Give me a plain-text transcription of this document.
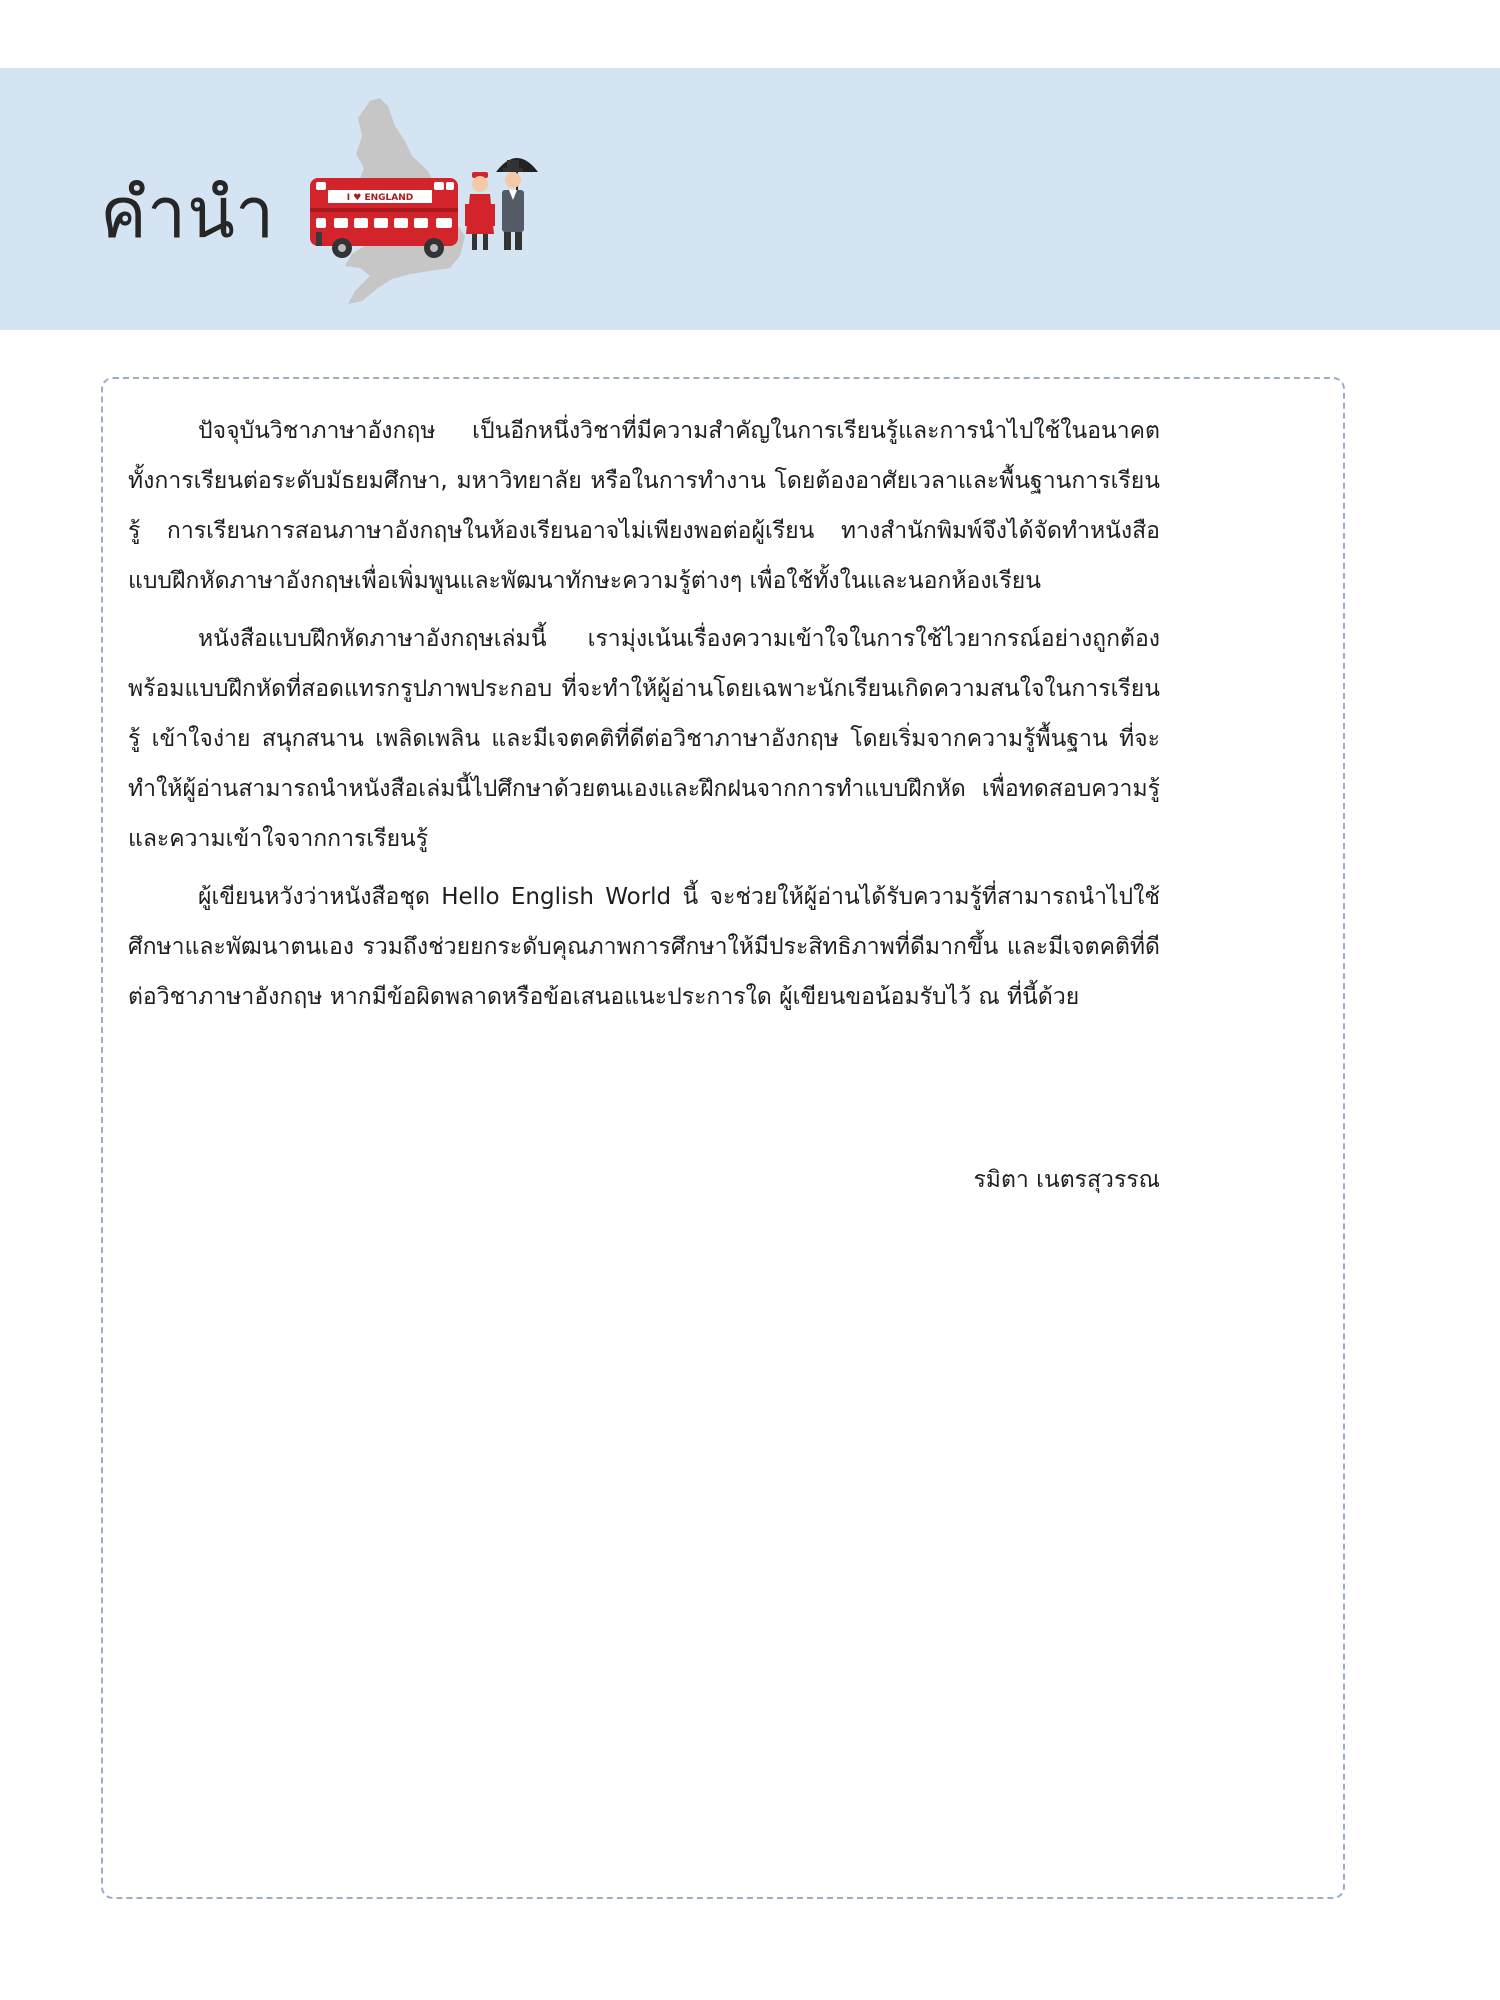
คำนำ	I ♥ ENGLAND

ปัจจุบันวิชาภาษาอังกฤษ เป็นอีกหนึ่งวิชาที่มีความสำคัญในการเรียนรู้และการนำไปใช้ในอนาคต ทั้งการเรียนต่อระดับมัธยมศึกษา, มหาวิทยาลัย หรือในการทำงาน โดยต้องอาศัยเวลาและพื้นฐานการเรียนรู้ การเรียนการสอนภาษาอังกฤษในห้องเรียนอาจไม่เพียงพอต่อผู้เรียน ทางสำนักพิมพ์จึงได้จัดทำหนังสือแบบฝึกหัดภาษาอังกฤษเพื่อเพิ่มพูนและพัฒนาทักษะความรู้ต่างๆ เพื่อใช้ทั้งในและนอกห้องเรียน

หนังสือแบบฝึกหัดภาษาอังกฤษเล่มนี้ เรามุ่งเน้นเรื่องความเข้าใจในการใช้ไวยากรณ์อย่างถูกต้อง พร้อมแบบฝึกหัดที่สอดแทรกรูปภาพประกอบ ที่จะทำให้ผู้อ่านโดยเฉพาะนักเรียนเกิดความสนใจในการเรียนรู้ เข้าใจง่าย สนุกสนาน เพลิดเพลิน และมีเจตคติที่ดีต่อวิชาภาษาอังกฤษ โดยเริ่มจากความรู้พื้นฐาน ที่จะทำให้ผู้อ่านสามารถนำหนังสือเล่มนี้ไปศึกษาด้วยตนเองและฝึกฝนจากการทำแบบฝึกหัด เพื่อทดสอบความรู้และความเข้าใจจากการเรียนรู้

ผู้เขียนหวังว่าหนังสือชุด Hello English World นี้ จะช่วยให้ผู้อ่านได้รับความรู้ที่สามารถนำไปใช้ศึกษาและพัฒนาตนเอง รวมถึงช่วยยกระดับคุณภาพการศึกษาให้มีประสิทธิภาพที่ดีมากขึ้น และมีเจตคติที่ดีต่อวิชาภาษาอังกฤษ หากมีข้อผิดพลาดหรือข้อเสนอแนะประการใด ผู้เขียนขอน้อมรับไว้ ณ ที่นี้ด้วย

รมิตา เนตรสุวรรณ
